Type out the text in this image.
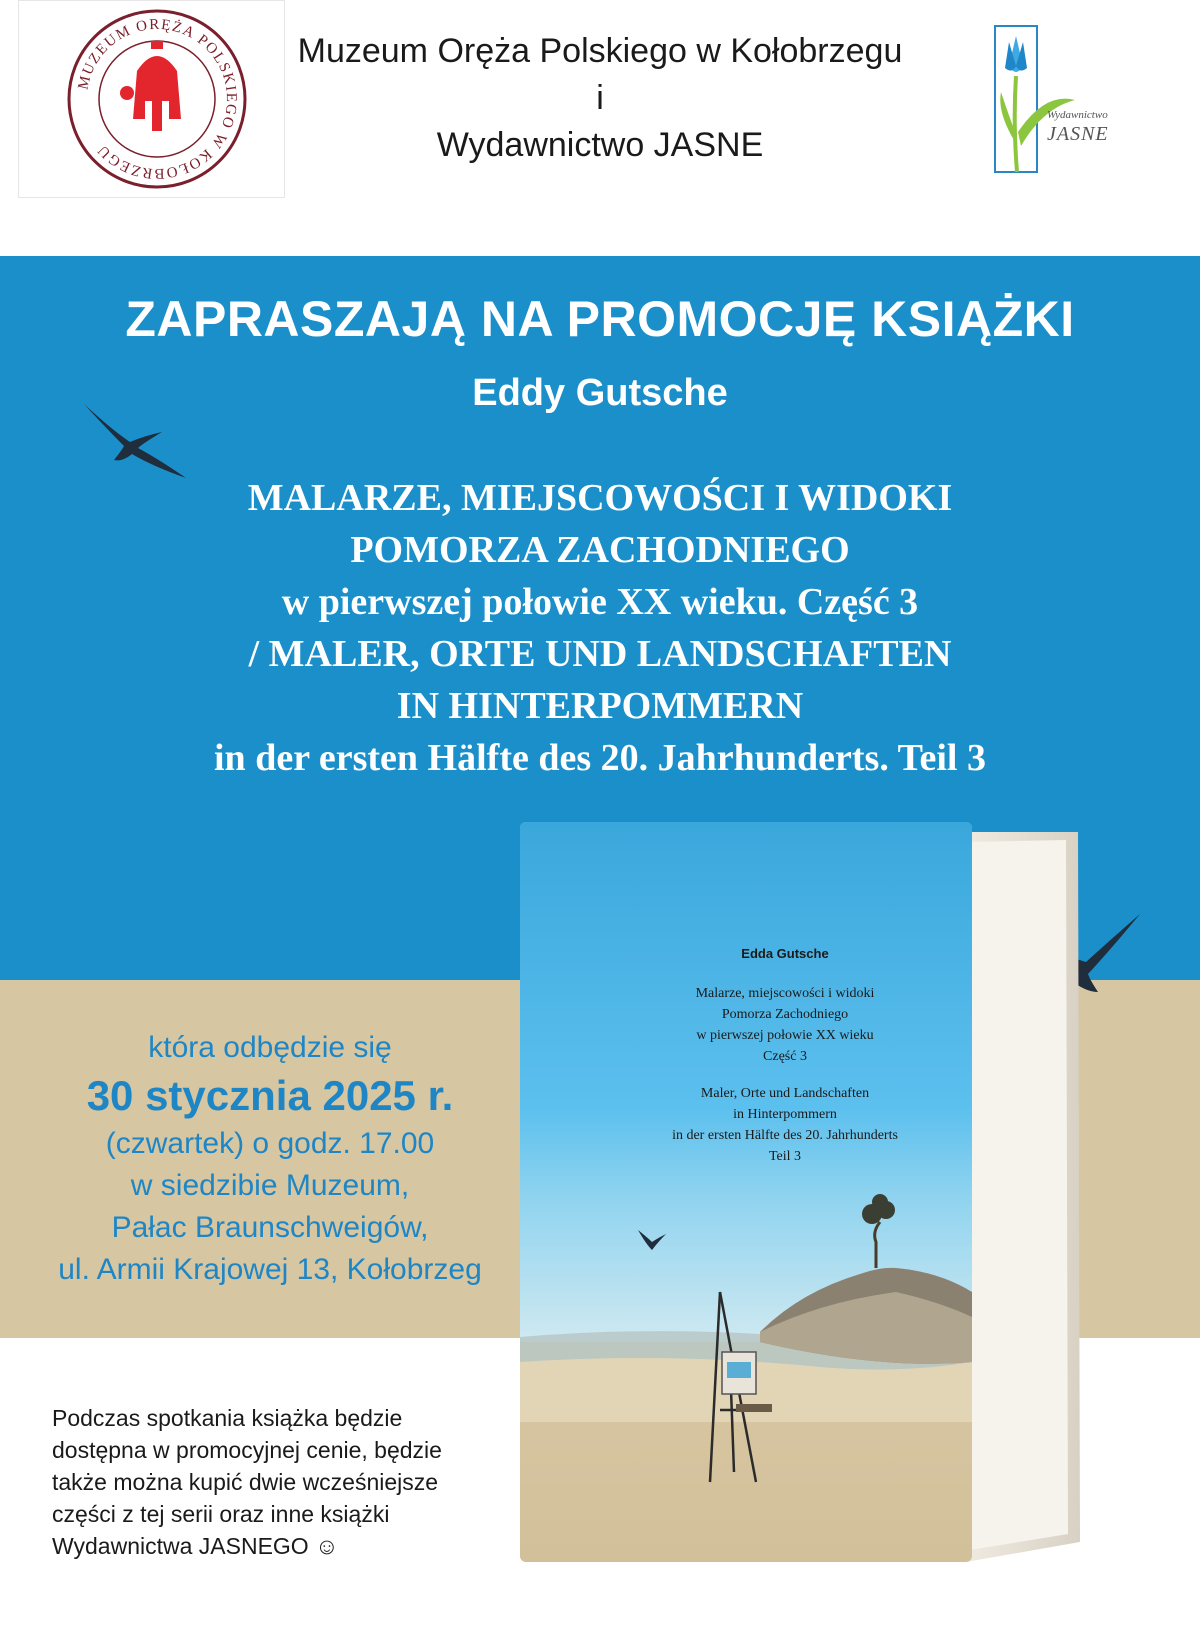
MUZEUM ORĘŻA POLSKIEGO W KOŁOBRZEGU
Muzeum Oręża Polskiego w Kołobrzegu
i
Wydawnictwo JASNE
Wydawnictwo
JASNE
ZAPRASZAJĄ NA PROMOCJĘ KSIĄŻKI
Eddy Gutsche
MALARZE, MIEJSCOWOŚCI I WIDOKI
POMORZA ZACHODNIEGO
w pierwszej połowie XX wieku. Część 3
/ MALER, ORTE UND LANDSCHAFTEN
IN HINTERPOMMERN
in der ersten Hälfte des 20. Jahrhunderts. Teil 3
która odbędzie się
30 stycznia 2025 r.
(czwartek) o godz. 17.00
w siedzibie Muzeum,
Pałac Braunschweigów,
ul. Armii Krajowej 13, Kołobrzeg
Podczas spotkania książka będzie dostępna w promocyjnej cenie, będzie także można kupić dwie wcześniejsze części z tej serii oraz inne książki Wydawnictwa JASNEGO ☺
Edda Gutsche
Malarze, miejscowości i widoki
Pomorza Zachodniego
w pierwszej połowie XX wieku
Część 3
Maler, Orte und Landschaften
in Hinterpommern
in der ersten Hälfte des 20. Jahrhunderts
Teil 3
